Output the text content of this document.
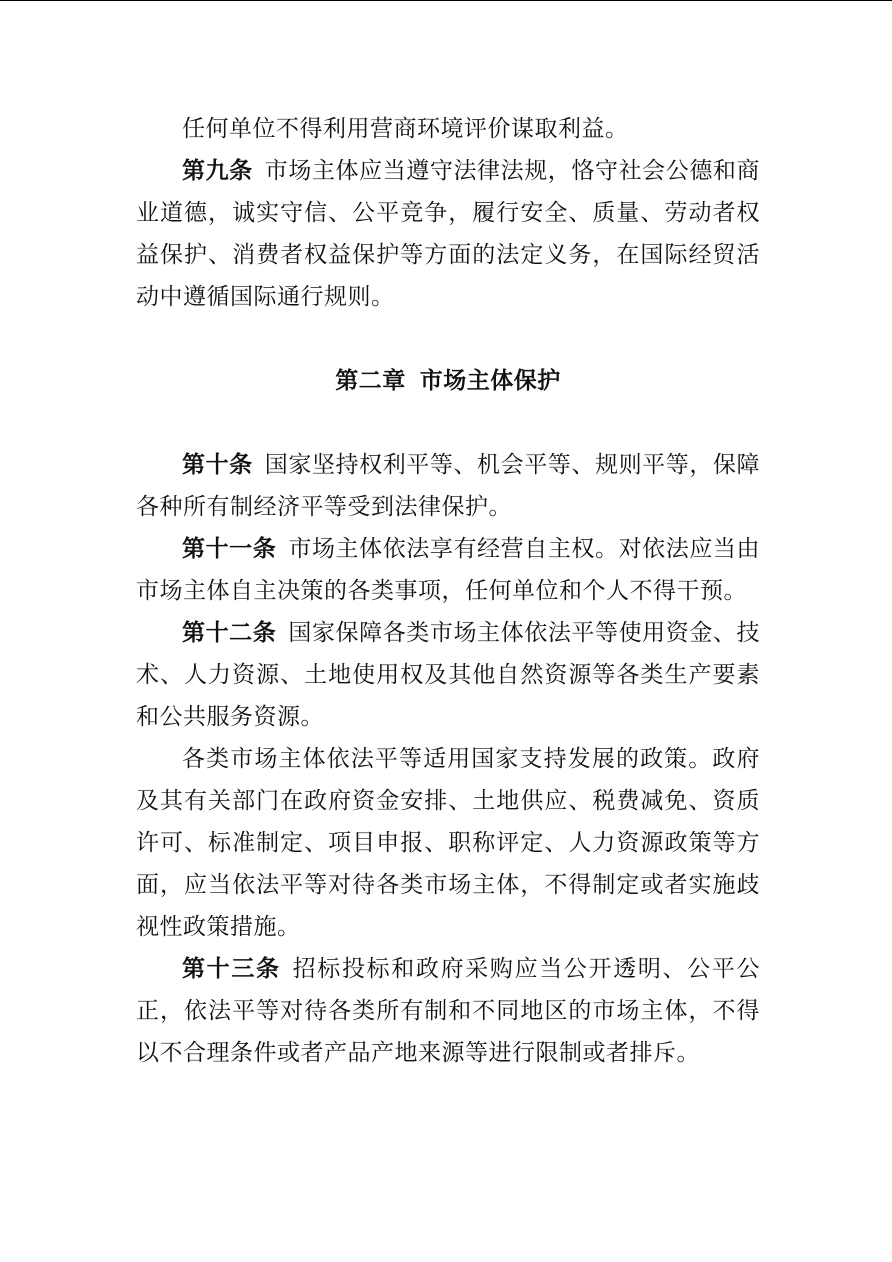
任何单位不得利用营商环境评价谋取利益。

第九条 市场主体应当遵守法律法规，恪守社会公德和商业道德，诚实守信、公平竞争，履行安全、质量、劳动者权益保护、消费者权益保护等方面的法定义务，在国际经贸活动中遵循国际通行规则。

第二章 市场主体保护

第十条 国家坚持权利平等、机会平等、规则平等，保障各种所有制经济平等受到法律保护。

第十一条 市场主体依法享有经营自主权。对依法应当由市场主体自主决策的各类事项，任何单位和个人不得干预。

第十二条 国家保障各类市场主体依法平等使用资金、技术、人力资源、土地使用权及其他自然资源等各类生产要素和公共服务资源。

各类市场主体依法平等适用国家支持发展的政策。政府及其有关部门在政府资金安排、土地供应、税费减免、资质许可、标准制定、项目申报、职称评定、人力资源政策等方面，应当依法平等对待各类市场主体，不得制定或者实施歧视性政策措施。

第十三条 招标投标和政府采购应当公开透明、公平公正，依法平等对待各类所有制和不同地区的市场主体，不得以不合理条件或者产品产地来源等进行限制或者排斥。
